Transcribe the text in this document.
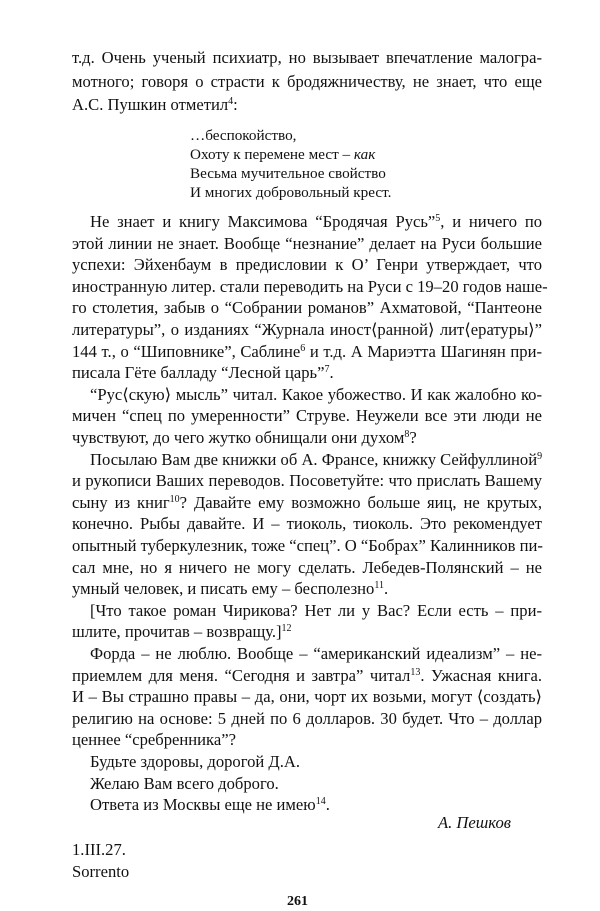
т.д. Очень ученый психиатр, но вызывает впечатление малогра-
мотного; говоря о страсти к бродяжничеству, не знает, что еще
А.С. Пушкин отметил$^4$:
…беспокойство,
Охоту к перемене мест – как
Весьма мучительное свойство
И многих добровольный крест.
Не знает и книгу Максимова “Бродячая Русь”$^5$, и ничего по
этой линии не знает. Вообще “незнание” делает на Руси большие
успехи: Эйхенбаум в предисловии к О’ Генри утверждает, что
иностранную литер. стали переводить на Руси с 19–20 годов наше-
го столетия, забыв о “Собрании романов” Ахматовой, “Пантеоне
литературы”, о изданиях “Журнала иност⟨ранной⟩ лит⟨ературы⟩”
144 т., о “Шиповнике”, Саблине$^6$ и т.д. А Мариэтта Шагинян при-
писала Гёте балладу “Лесной царь”$^7$.
“Рус⟨скую⟩ мысль” читал. Какое убожество. И как жалобно ко-
мичен “спец по умеренности” Струве. Неужели все эти люди не
чувствуют, до чего жутко обнищали они духом$^8$?
Посылаю Вам две книжки об А. Франсе, книжку Сейфуллиной$^9$
и рукописи Ваших переводов. Посоветуйте: что прислать Вашему
сыну из книг$^{10}$? Давайте ему возможно больше яиц, не крутых,
конечно. Рыбы давайте. И – тиоколь, тиоколь. Это рекомендует
опытный туберкулезник, тоже “спец”. О “Бобрах” Калинников пи-
сал мне, но я ничего не могу сделать. Лебедев-Полянский – не
умный человек, и писать ему – бесполезно$^{11}$.
[Что такое роман Чирикова? Нет ли у Вас? Если есть – при-
шлите, прочитав – возвращу.]$^{12}$
Форда – не люблю. Вообще – “американский идеализм” – не-
приемлем для меня. “Сегодня и завтра” читал$^{13}$. Ужасная книга.
И – Вы страшно правы – да, они, чорт их возьми, могут ⟨создать⟩
религию на основе: 5 дней по 6 долларов. 30 будет. Что – доллар
ценнее “сребренника”?
Будьте здоровы, дорогой Д.А.
Желаю Вам всего доброго.
Ответа из Москвы еще не имею$^{14}$.
А. Пешков
1.III.27.
Sorrento
261
